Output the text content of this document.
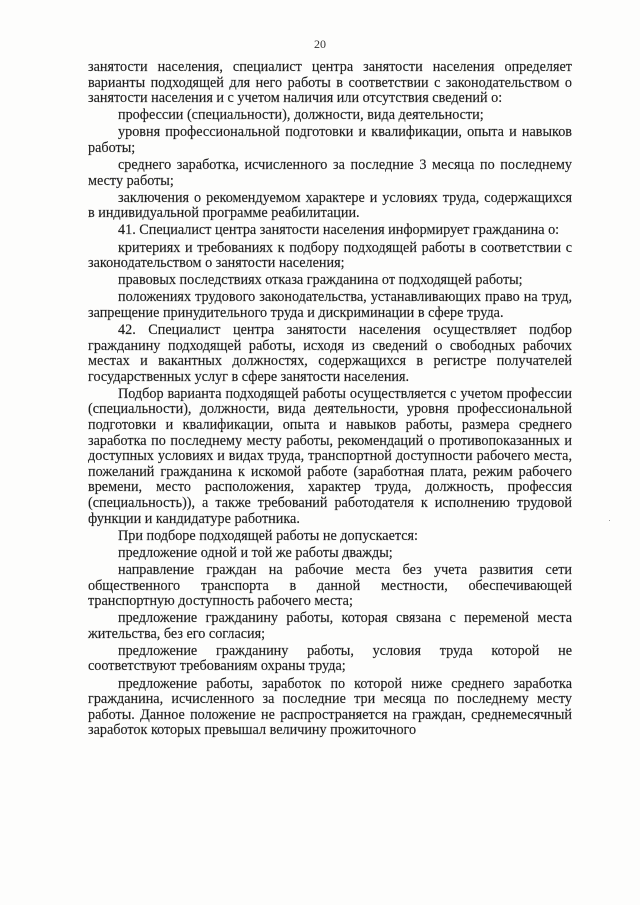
20

занятости населения, специалист центра занятости населения определяет варианты подходящей для него работы в соответствии с законодательством о занятости населения и с учетом наличия или отсутствия сведений о:

профессии (специальности), должности, вида деятельности;

уровня профессиональной подготовки и квалификации, опыта и навыков работы;

среднего заработка, исчисленного за последние 3 месяца по последнему месту работы;

заключения о рекомендуемом характере и условиях труда, содержащихся в индивидуальной программе реабилитации.

41. Специалист центра занятости населения информирует гражданина о:

критериях и требованиях к подбору подходящей работы в соответствии с законодательством о занятости населения;

правовых последствиях отказа гражданина от подходящей работы;

положениях трудового законодательства, устанавливающих право на труд, запрещение принудительного труда и дискриминации в сфере труда.

42. Специалист центра занятости населения осуществляет подбор гражданину подходящей работы, исходя из сведений о свободных рабочих местах и вакантных должностях, содержащихся в регистре получателей государственных услуг в сфере занятости населения.

Подбор варианта подходящей работы осуществляется с учетом профессии (специальности), должности, вида деятельности, уровня профессиональной подготовки и квалификации, опыта и навыков работы, размера среднего заработка по последнему месту работы, рекомендаций о противопоказанных и доступных условиях и видах труда, транспортной доступности рабочего места, пожеланий гражданина к искомой работе (заработная плата, режим рабочего времени, место расположения, характер труда, должность, профессия (специальность)), а также требований работодателя к исполнению трудовой функции и кандидатуре работника.

При подборе подходящей работы не допускается:

предложение одной и той же работы дважды;

направление граждан на рабочие места без учета развития сети общественного транспорта в данной местности, обеспечивающей транспортную доступность рабочего места;

предложение гражданину работы, которая связана с переменой места жительства, без его согласия;

предложение гражданину работы, условия труда которой не соответствуют требованиям охраны труда;

предложение работы, заработок по которой ниже среднего заработка гражданина, исчисленного за последние три месяца по последнему месту работы. Данное положение не распространяется на граждан, среднемесячный заработок которых превышал величину прожиточного
